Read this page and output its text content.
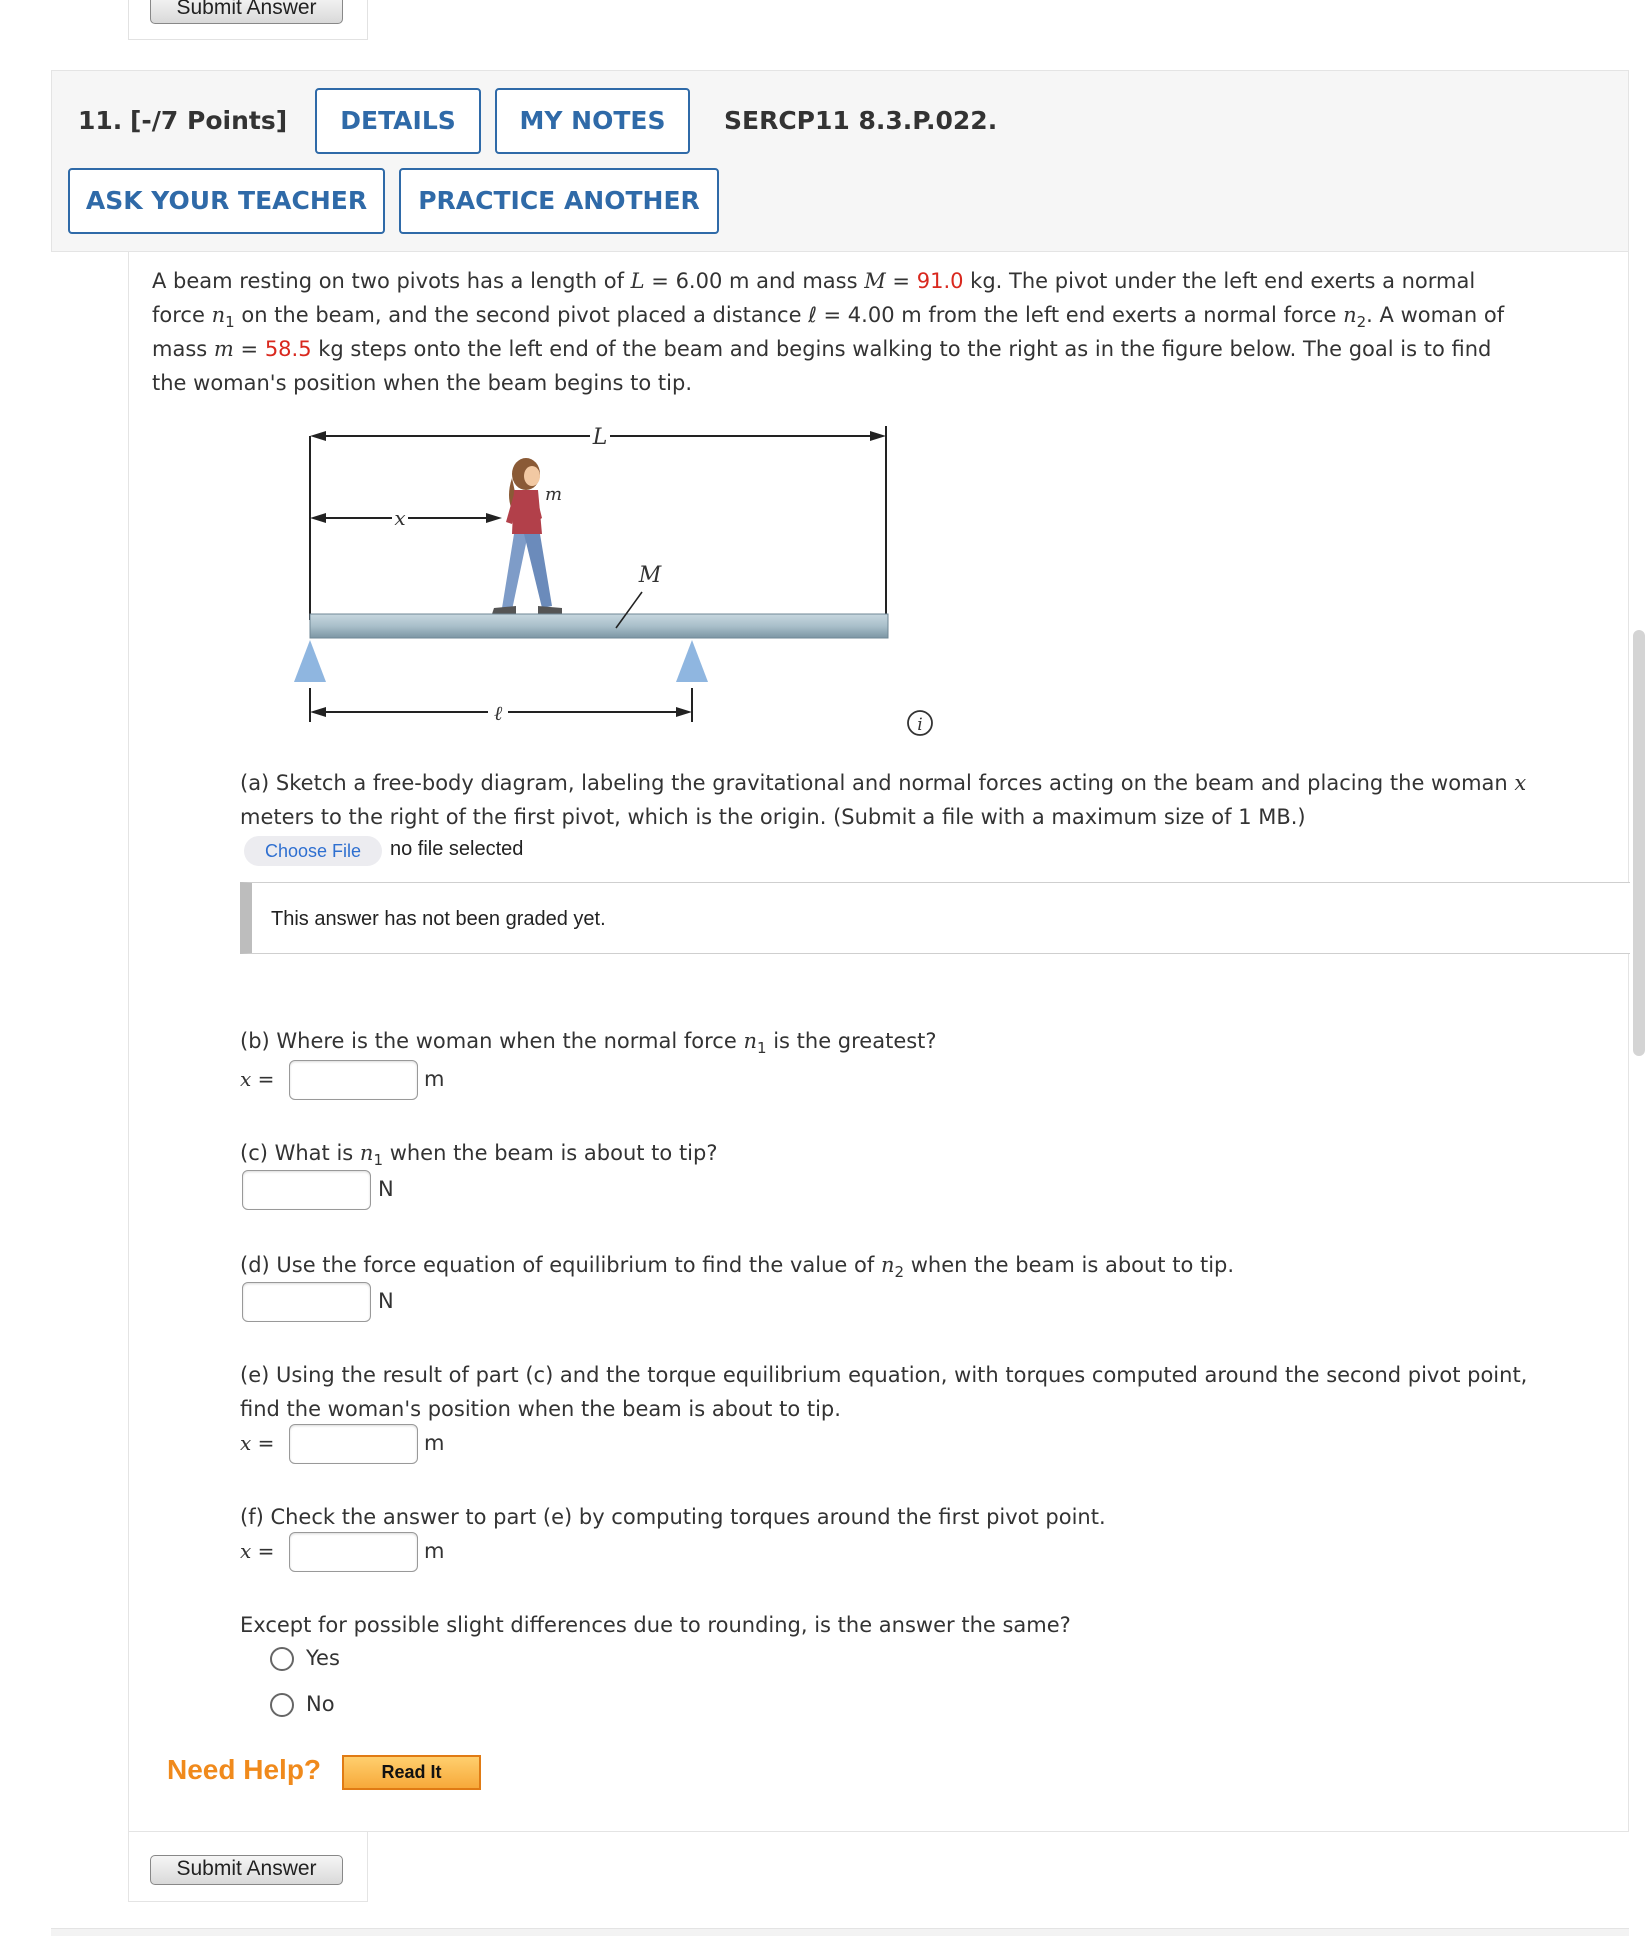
Submit Answer
11. [-/7 Points]	DETAILS	MY NOTES	SERCP11 8.3.P.022.
ASK YOUR TEACHER	PRACTICE ANOTHER
A beam resting on two pivots has a length of L = 6.00 m and mass M = 91.0 kg. The pivot under the left end exerts a normal
force $n_1$ on the beam, and the second pivot placed a distance ℓ = 4.00 m from the left end exerts a normal force $n_2$. A woman of
mass m = 58.5 kg steps onto the left end of the beam and begins walking to the right as in the figure below. The goal is to find
the woman's position when the beam begins to tip.
L
x
m
M
ℓ	i
(a) Sketch a free-body diagram, labeling the gravitational and normal forces acting on the beam and placing the woman x
meters to the right of the first pivot, which is the origin. (Submit a file with a maximum size of 1 MB.)
Choose File	no file selected
This answer has not been graded yet.
(b) Where is the woman when the normal force $n_1$ is the greatest?
x =	m
(c) What is $n_1$ when the beam is about to tip?
N
(d) Use the force equation of equilibrium to find the value of $n_2$ when the beam is about to tip.
N
(e) Using the result of part (c) and the torque equilibrium equation, with torques computed around the second pivot point,
find the woman's position when the beam is about to tip.
x =	m
(f) Check the answer to part (e) by computing torques around the first pivot point.
x =	m
Except for possible slight differences due to rounding, is the answer the same?
Yes
No
Need Help?	Read It
Submit Answer
